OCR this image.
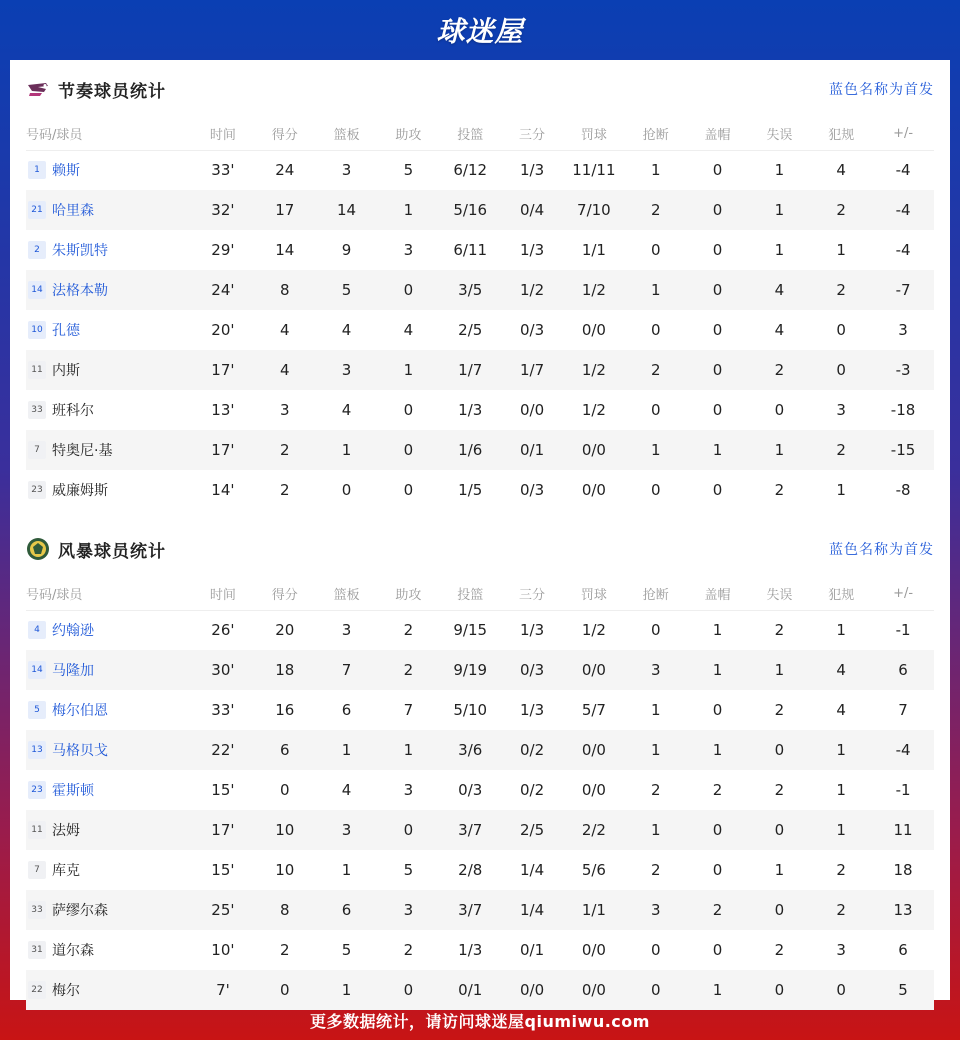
球迷屋
节奏球员统计	蓝色名称为首发
号码/球员	时间	得分	篮板	助攻	投篮	三分	罚球	抢断	盖帽	失误	犯规	+/-
1 赖斯	33'	24	3	5	6/12	1/3	11/11	1	0	1	4	-4
21 哈里森	32'	17	14	1	5/16	0/4	7/10	2	0	1	2	-4
2 朱斯凯特	29'	14	9	3	6/11	1/3	1/1	0	0	1	1	-4
14 法格本勒	24'	8	5	0	3/5	1/2	1/2	1	0	4	2	-7
10 孔德	20'	4	4	4	2/5	0/3	0/0	0	0	4	0	3
11 内斯	17'	4	3	1	1/7	1/7	1/2	2	0	2	0	-3
33 班科尔	13'	3	4	0	1/3	0/0	1/2	0	0	0	3	-18
7 特奥尼·基	17'	2	1	0	1/6	0/1	0/0	1	1	1	2	-15
23 威廉姆斯	14'	2	0	0	1/5	0/3	0/0	0	0	2	1	-8
风暴球员统计	蓝色名称为首发
号码/球员	时间	得分	篮板	助攻	投篮	三分	罚球	抢断	盖帽	失误	犯规	+/-
4 约翰逊	26'	20	3	2	9/15	1/3	1/2	0	1	2	1	-1
14 马隆加	30'	18	7	2	9/19	0/3	0/0	3	1	1	4	6
5 梅尔伯恩	33'	16	6	7	5/10	1/3	5/7	1	0	2	4	7
13 马格贝戈	22'	6	1	1	3/6	0/2	0/0	1	1	0	1	-4
23 霍斯顿	15'	0	4	3	0/3	0/2	0/0	2	2	2	1	-1
11 法姆	17'	10	3	0	3/7	2/5	2/2	1	0	0	1	11
7 库克	15'	10	1	5	2/8	1/4	5/6	2	0	1	2	18
33 萨缪尔森	25'	8	6	3	3/7	1/4	1/1	3	2	0	2	13
31 道尔森	10'	2	5	2	1/3	0/1	0/0	0	0	2	3	6
22 梅尔	7'	0	1	0	0/1	0/0	0/0	0	1	0	0	5
更多数据统计，请访问球迷屋qiumiwu.com
